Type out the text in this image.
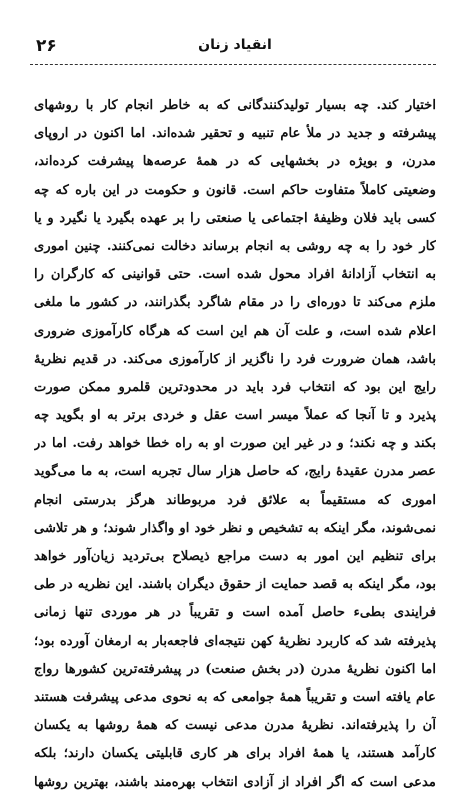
۲۶	انقیاد زنان
اختیار کند. چه بسیار تولیدکنندگانی که به خاطر انجام کار با روشهای
پیشرفته و جدید در ملأ عام تنبیه و تحقیر شده‌اند. اما اکنون در اروپای
مدرن، و بویژه در بخشهایی که در همهٔ عرصه‌ها پیشرفت کرده‌اند،
وضعیتی کاملاً متفاوت حاکم است. قانون و حکومت در این باره که چه
کسی باید فلان وظیفهٔ اجتماعی یا صنعتی را بر عهده بگیرد یا نگیرد و یا
کار خود را به چه روشی به انجام برساند دخالت نمی‌کنند. چنین اموری
به انتخاب آزادانهٔ افراد محول شده است. حتی قوانینی که کارگران را
ملزم می‌کند تا دوره‌ای را در مقام شاگرد بگذرانند، در کشور ما ملغی
اعلام شده است، و علت آن هم این است که هرگاه کارآموزی ضروری
باشد، همان ضرورت فرد را ناگزیر از کارآموزی می‌کند. در قدیم نظریهٔ
رایج این بود که انتخاب فرد باید در محدودترین قلمرو ممکن صورت
پذیرد و تا آنجا که عملاً میسر است عقل و خردی برتر به او بگوید چه
بکند و چه نکند؛ و در غیر این صورت او به راه خطا خواهد رفت. اما در
عصر مدرن عقیدهٔ رایج، که حاصل هزار سال تجربه است، به ما می‌گوید
اموری که مستقیماً به علائق فرد مربوطاند هرگز بدرستی انجام
نمی‌شوند، مگر اینکه به تشخیص و نظر خود او واگذار شوند؛ و هر تلاشی
برای تنظیم این امور به دست مراجع ذیصلاح بی‌تردید زیان‌آور خواهد
بود، مگر اینکه به قصد حمایت از حقوق دیگران باشند. این نظریه در طی
فرایندی بطیء حاصل آمده است و تقریباً در هر موردی تنها زمانی
پذیرفته شد که کاربرد نظریهٔ کهن نتیجه‌ای فاجعه‌بار به ارمغان آورده بود؛
اما اکنون نظریهٔ مدرن (در بخش صنعت) در پیشرفته‌ترین کشورها رواج
عام یافته است و تقریباً همهٔ جوامعی که به نحوی مدعی پیشرفت هستند
آن را پذیرفته‌اند. نظریهٔ مدرن مدعی نیست که همهٔ روشها به یکسان
کارآمد هستند، یا همهٔ افراد برای هر کاری قابلیتی یکسان دارند؛ بلکه
مدعی است که اگر افراد از آزادی انتخاب بهره‌مند باشند، بهترین روشها
